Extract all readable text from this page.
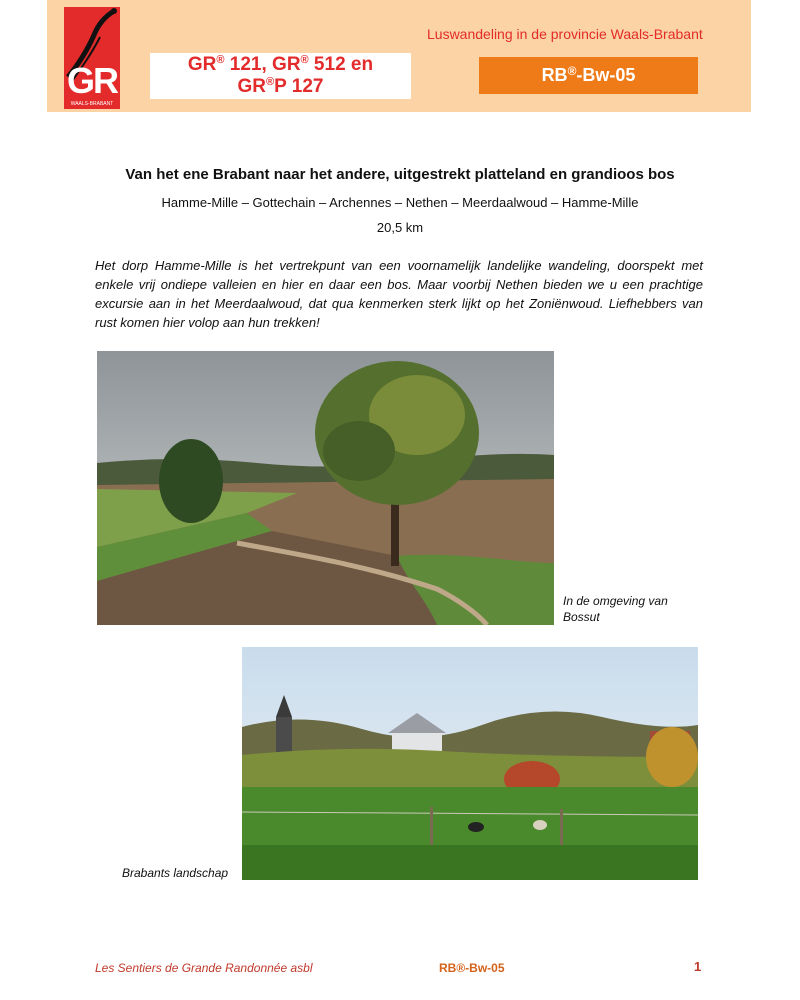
GR
WAALS-BRABANT
GR® 121, GR® 512 en
GR®P 127
Luswandeling in de provincie Waals-Brabant
RB®-Bw-05
Van het ene Brabant naar het andere, uitgestrekt platteland en grandioos bos
Hamme-Mille – Gottechain – Archennes – Nethen – Meerdaalwoud – Hamme-Mille
20,5 km
Het dorp Hamme-Mille is het vertrekpunt van een voornamelijk landelijke wandeling, doorspekt met enkele vrij ondiepe valleien en hier en daar een bos. Maar voorbij Nethen bieden we u een prachtige excursie aan in het Meerdaalwoud, dat qua kenmerken sterk lijkt op het Zoniënwoud. Liefhebbers van rust komen hier volop aan hun trekken!
In de omgeving van Bossut
Brabants landschap
Les Sentiers de Grande Randonnée asbl	RB®-Bw-05	1
